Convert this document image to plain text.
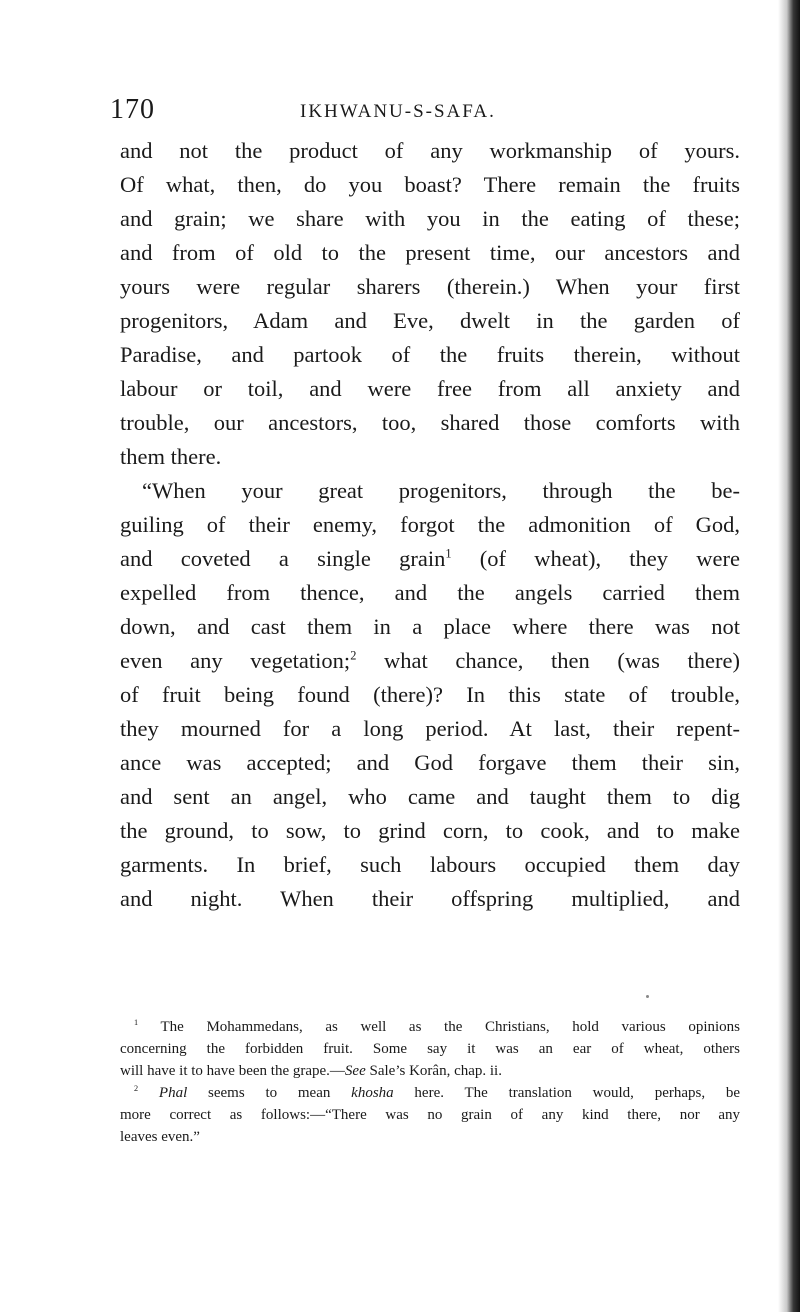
170	IKHWANU-S-SAFA.
and not the product of any workmanship of yours.
Of what, then, do you boast? There remain the fruits
and grain; we share with you in the eating of these;
and from of old to the present time, our ancestors and
yours were regular sharers (therein.) When your first
progenitors, Adam and Eve, dwelt in the garden of
Paradise, and partook of the fruits therein, without
labour or toil, and were free from all anxiety and
trouble, our ancestors, too, shared those comforts with
them there.
“When your great progenitors, through the be-
guiling of their enemy, forgot the admonition of God,
and coveted a single grain$^1$ (of wheat), they were
expelled from thence, and the angels carried them
down, and cast them in a place where there was not
even any vegetation;$^2$ what chance, then (was there)
of fruit being found (there)? In this state of trouble,
they mourned for a long period. At last, their repent-
ance was accepted; and God forgave them their sin,
and sent an angel, who came and taught them to dig
the ground, to sow, to grind corn, to cook, and to make
garments. In brief, such labours occupied them day
and night. When their offspring multiplied, and
$^1$ The Mohammedans, as well as the Christians, hold various opinions
concerning the forbidden fruit. Some say it was an ear of wheat, others
will have it to have been the grape.—See Sale’s Korân, chap. ii.
$^2$ Phal seems to mean khosha here. The translation would, perhaps, be
more correct as follows:—“There was no grain of any kind there, nor any
leaves even.”
